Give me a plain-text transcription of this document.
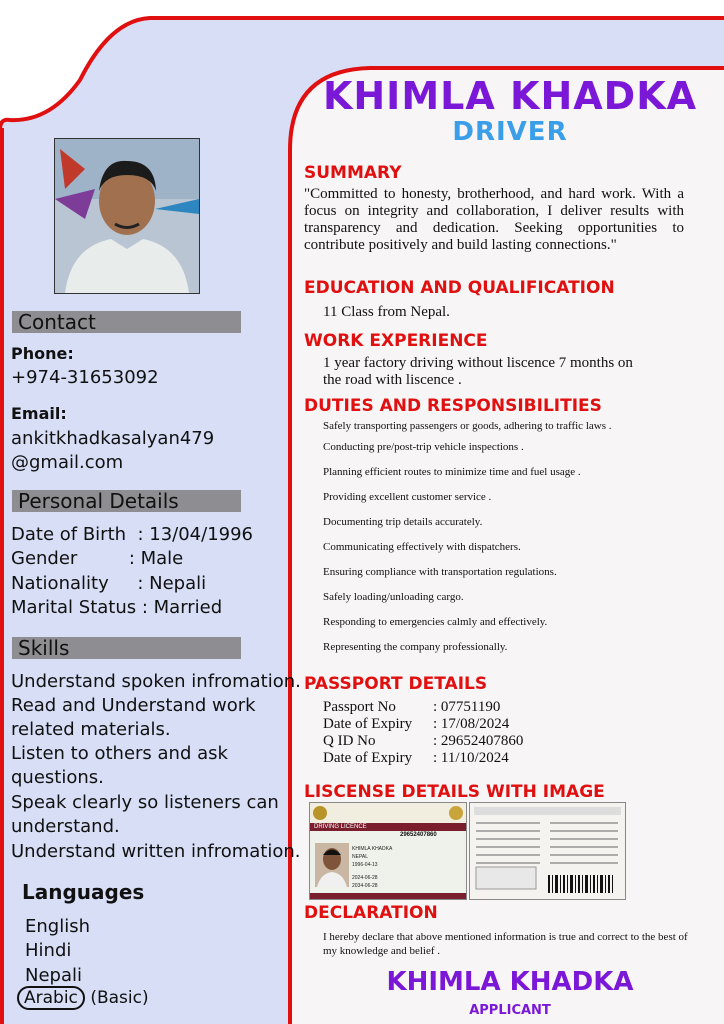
Contact
Phone:
+974-31653092
Email:
ankitkhadkasalyan479
@gmail.com
Personal Details
Date of Birth  : 13/04/1996
Gender         : Male
Nationality     : Nepali
Marital Status : Married
Skills
Understand spoken infromation.
Read and Understand work
related materials.
Listen to others and ask
questions.
Speak clearly so listeners can
understand.
Understand written infromation.
Languages
English
Hindi
Nepali
Arabic (Basic)
KHIMLA KHADKA
DRIVER
SUMMARY
"Committed to honesty, brotherhood, and hard work. With a focus on integrity and collaboration, I deliver results with transparency and dedication. Seeking opportunities to contribute positively and build lasting connections."
EDUCATION AND QUALIFICATION
11 Class from Nepal.
WORK EXPERIENCE
1 year factory driving without liscence 7 months on
the road with liscence .
DUTIES AND RESPONSIBILITIES
Safely transporting passengers or goods, adhering to traffic laws .
Conducting pre/post-trip vehicle inspections .
Planning efficient routes to minimize time and fuel usage .
Providing excellent customer service .
Documenting trip details accurately.
Communicating effectively with dispatchers.
Ensuring compliance with transportation regulations.
Safely loading/unloading cargo.
Responding to emergencies calmly and effectively.
Representing the company professionally.
PASSPORT DETAILS
Passport No : 07751190
Date of Expiry : 17/08/2024
Q ID No	: 29652407860
Date of Expiry : 11/10/2024
LISCENSE DETAILS WITH IMAGE
DRIVING LICENCE
29652407860
KHIMLA KHADKA
NEPAL
1996-04-13
2024-06-28
2034-06-28
DECLARATION
I hereby declare that above mentioned information is true and correct to the best of my knowledge and belief .
KHIMLA KHADKA
APPLICANT
